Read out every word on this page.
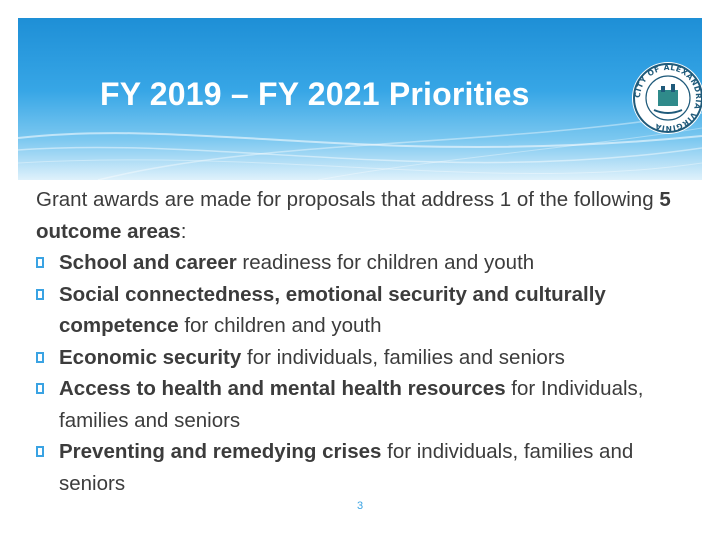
FY 2019 – FY 2021 Priorities	CITY OF ALEXANDRIA VIRGINIA

Grant awards are made for proposals that address 1 of the following 5 outcome areas:

School and career readiness for children and youth
Social connectedness, emotional security and culturally competence for children and youth
Economic security for individuals, families and seniors
Access to health and mental health resources for Individuals, families and seniors
Preventing and remedying crises for individuals, families and seniors
3
